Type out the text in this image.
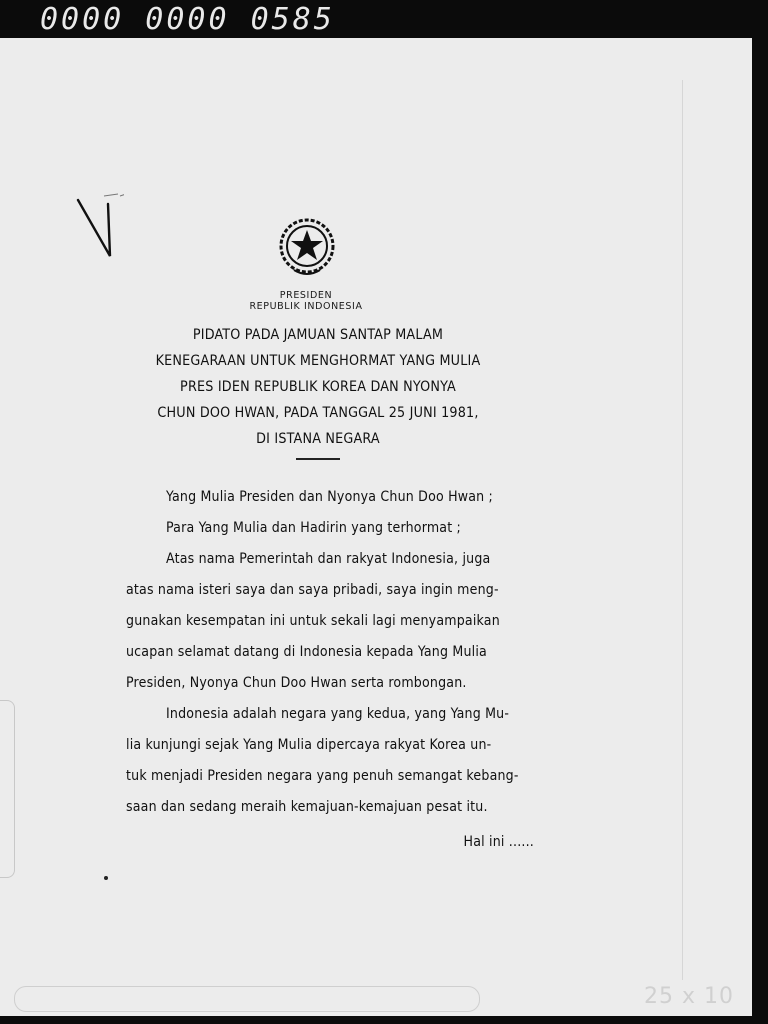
0000 0000 0585
25 x 10
PRESIDEN
REPUBLIK INDONESIA
PIDATO PADA JAMUAN SANTAP MALAM
KENEGARAAN UNTUK MENGHORMAT YANG MULIA
PRES IDEN REPUBLIK KOREA DAN NYONYA
CHUN DOO HWAN, PADA TANGGAL 25 JUNI 1981,
DI ISTANA NEGARA

Yang Mulia Presiden dan Nyonya Chun Doo Hwan ;

Para Yang Mulia dan Hadirin yang terhormat ;

Atas nama Pemerintah dan rakyat Indonesia, juga

atas nama isteri saya dan saya pribadi, saya ingin meng-

gunakan kesempatan ini untuk sekali lagi menyampaikan

ucapan selamat datang di Indonesia kepada Yang Mulia

Presiden, Nyonya Chun Doo Hwan serta rombongan.

Indonesia adalah negara yang kedua, yang Yang Mu-

lia kunjungi sejak Yang Mulia dipercaya rakyat Korea un-

tuk menjadi Presiden negara yang penuh semangat kebang-

saan dan sedang meraih kemajuan-kemajuan pesat itu.

Hal ini ......
